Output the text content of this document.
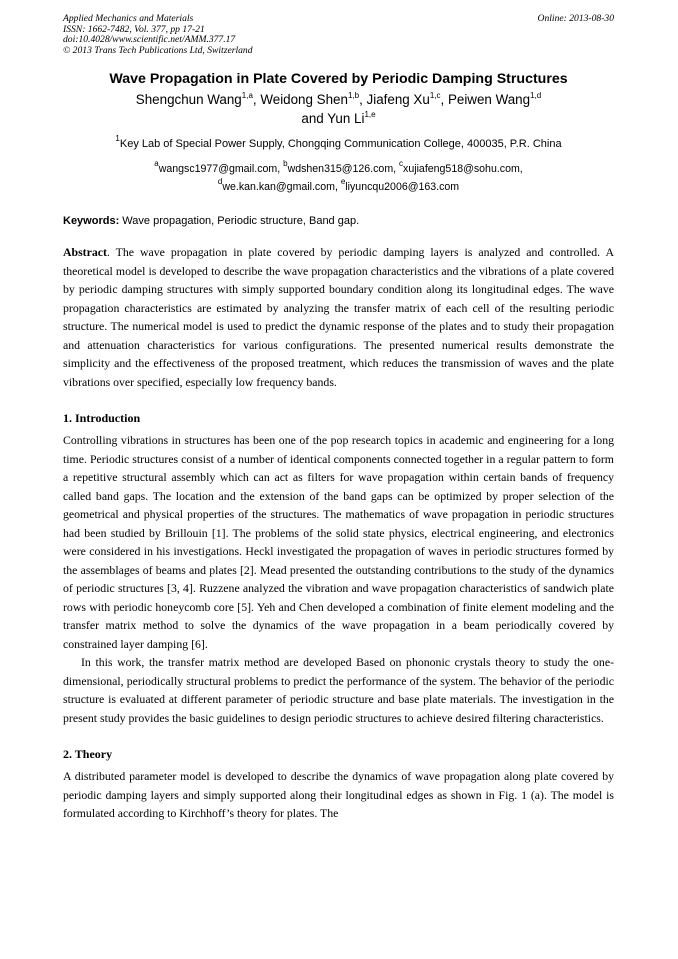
Applied Mechanics and Materials
ISSN: 1662-7482, Vol. 377, pp 17-21
doi:10.4028/www.scientific.net/AMM.377.17
© 2013 Trans Tech Publications Ltd, Switzerland
Online: 2013-08-30
Wave Propagation in Plate Covered by Periodic Damping Structures
Shengchun Wang$^{1,a}$, Weidong Shen$^{1,b}$, Jiafeng Xu$^{1,c}$, Peiwen Wang$^{1,d}$
and Yun Li$^{1,e}$
$^1$Key Lab of Special Power Supply, Chongqing Communication College, 400035, P.R. China
$^a$wangsc1977@gmail.com, $^b$wdshen315@126.com, $^c$xujiafeng518@sohu.com,
$^d$we.kan.kan@gmail.com, $^e$liyuncqu2006@163.com
Keywords: Wave propagation, Periodic structure, Band gap.

Abstract. The wave propagation in plate covered by periodic damping layers is analyzed and controlled. A theoretical model is developed to describe the wave propagation characteristics and the vibrations of a plate covered by periodic damping structures with simply supported boundary condition along its longitudinal edges. The wave propagation characteristics are estimated by analyzing the transfer matrix of each cell of the resulting periodic structure. The numerical model is used to predict the dynamic response of the plates and to study their propagation and attenuation characteristics for various configurations. The presented numerical results demonstrate the simplicity and the effectiveness of the proposed treatment, which reduces the transmission of waves and the plate vibrations over specified, especially low frequency bands.

1. Introduction

Controlling vibrations in structures has been one of the pop research topics in academic and engineering for a long time. Periodic structures consist of a number of identical components connected together in a regular pattern to form a repetitive structural assembly which can act as filters for wave propagation within certain bands of frequency called band gaps. The location and the extension of the band gaps can be optimized by proper selection of the geometrical and physical properties of the structures. The mathematics of wave propagation in periodic structures had been studied by Brillouin [1]. The problems of the solid state physics, electrical engineering, and electronics were considered in his investigations. Heckl investigated the propagation of waves in periodic structures formed by the assemblages of beams and plates [2]. Mead presented the outstanding contributions to the study of the dynamics of periodic structures [3, 4]. Ruzzene analyzed the vibration and wave propagation characteristics of sandwich plate rows with periodic honeycomb core [5]. Yeh and Chen developed a combination of finite element modeling and the transfer matrix method to solve the dynamics of the wave propagation in a beam periodically covered by constrained layer damping [6].

In this work, the transfer matrix method are developed Based on phononic crystals theory to study the one-dimensional, periodically structural problems to predict the performance of the system. The behavior of the periodic structure is evaluated at different parameter of periodic structure and base plate materials. The investigation in the present study provides the basic guidelines to design periodic structures to achieve desired filtering characteristics.

2. Theory

A distributed parameter model is developed to describe the dynamics of wave propagation along plate covered by periodic damping layers and simply supported along their longitudinal edges as shown in Fig. 1 (a). The model is formulated according to Kirchhoff’s theory for plates. The
